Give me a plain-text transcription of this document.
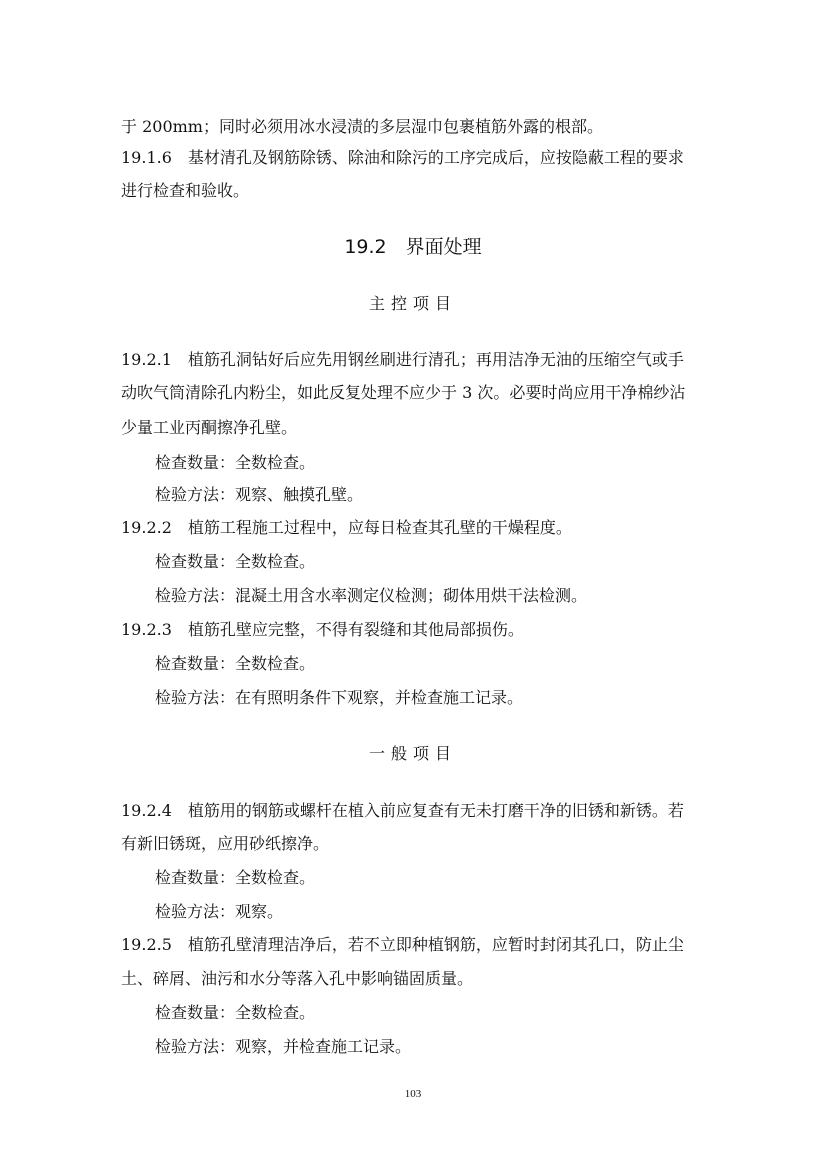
于 200mm；同时必须用冰水浸渍的多层湿巾包裹植筋外露的根部。
19.1.6　基材清孔及钢筋除锈、除油和除污的工序完成后，应按隐蔽工程的要求
进行检查和验收。
19.2　界面处理
主控项目
19.2.1　植筋孔洞钻好后应先用钢丝刷进行清孔；再用洁净无油的压缩空气或手
动吹气筒清除孔内粉尘，如此反复处理不应少于 3 次。必要时尚应用干净棉纱沾
少量工业丙酮擦净孔壁。
检查数量：全数检查。
检验方法：观察、触摸孔壁。
19.2.2　植筋工程施工过程中，应每日检查其孔壁的干燥程度。
检查数量：全数检查。
检验方法：混凝土用含水率测定仪检测；砌体用烘干法检测。
19.2.3　植筋孔壁应完整，不得有裂缝和其他局部损伤。
检查数量：全数检查。
检验方法：在有照明条件下观察，并检查施工记录。
一般项目
19.2.4　植筋用的钢筋或螺杆在植入前应复查有无未打磨干净的旧锈和新锈。若
有新旧锈斑，应用砂纸擦净。
检查数量：全数检查。
检验方法：观察。
19.2.5　植筋孔壁清理洁净后，若不立即种植钢筋，应暂时封闭其孔口，防止尘
土、碎屑、油污和水分等落入孔中影响锚固质量。
检查数量：全数检查。
检验方法：观察，并检查施工记录。
103
